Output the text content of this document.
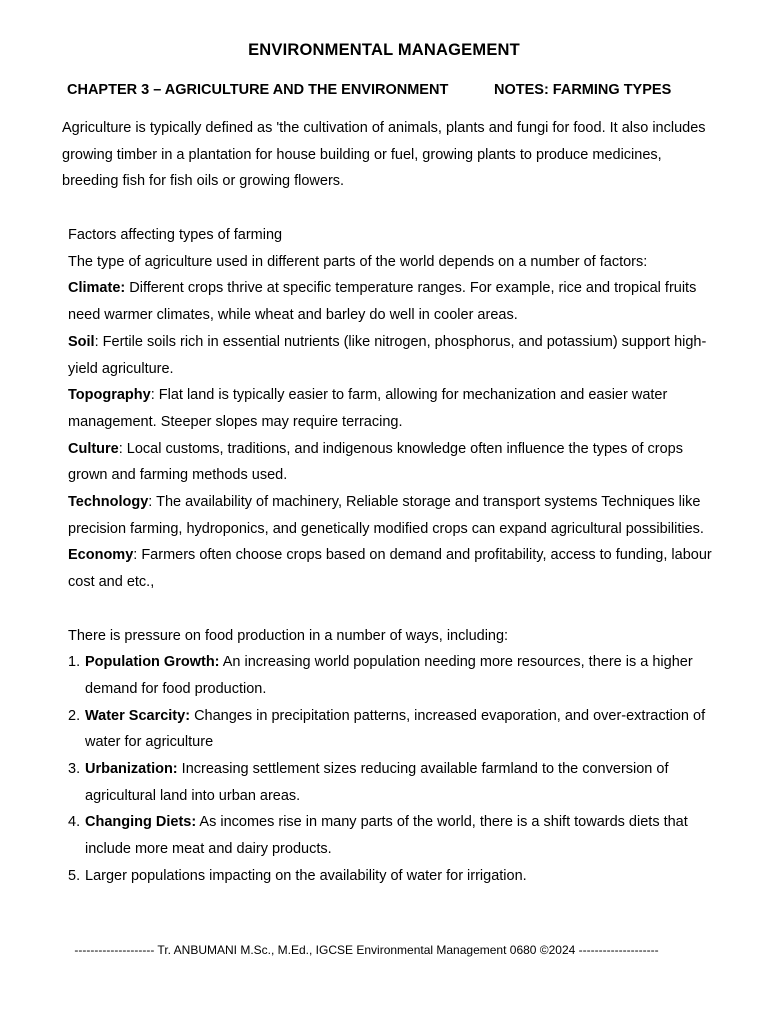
ENVIRONMENTAL MANAGEMENT
CHAPTER 3 – AGRICULTURE AND THE ENVIRONMENT	NOTES: FARMING TYPES
Agriculture is typically defined as 'the cultivation of animals, plants and fungi for food. It also includes growing timber in a plantation for house building or fuel, growing plants to produce medicines, breeding fish for fish oils or growing flowers.

Factors affecting types of farming

The type of agriculture used in different parts of the world depends on a number of factors:

Climate: Different crops thrive at specific temperature ranges. For example, rice and tropical fruits need warmer climates, while wheat and barley do well in cooler areas.

Soil: Fertile soils rich in essential nutrients (like nitrogen, phosphorus, and potassium) support high-yield agriculture.

Topography: Flat land is typically easier to farm, allowing for mechanization and easier water management. Steeper slopes may require terracing.

Culture: Local customs, traditions, and indigenous knowledge often influence the types of crops grown and farming methods used.

Technology: The availability of machinery, Reliable storage and transport systems Techniques like precision farming, hydroponics, and genetically modified crops can expand agricultural possibilities.

Economy: Farmers often choose crops based on demand and profitability, access to funding, labour cost and etc.,

There is pressure on food production in a number of ways, including:

1. Population Growth: An increasing world population needing more resources, there is a higher demand for food production.
2. Water Scarcity: Changes in precipitation patterns, increased evaporation, and over-extraction of water for agriculture
3. Urbanization: Increasing settlement sizes reducing available farmland to the conversion of agricultural land into urban areas.
4. Changing Diets: As incomes rise in many parts of the world, there is a shift towards diets that include more meat and dairy products.
5. Larger populations impacting on the availability of water for irrigation.
-------------------- Tr. ANBUMANI M.Sc., M.Ed., IGCSE Environmental Management 0680 ©2024 --------------------
